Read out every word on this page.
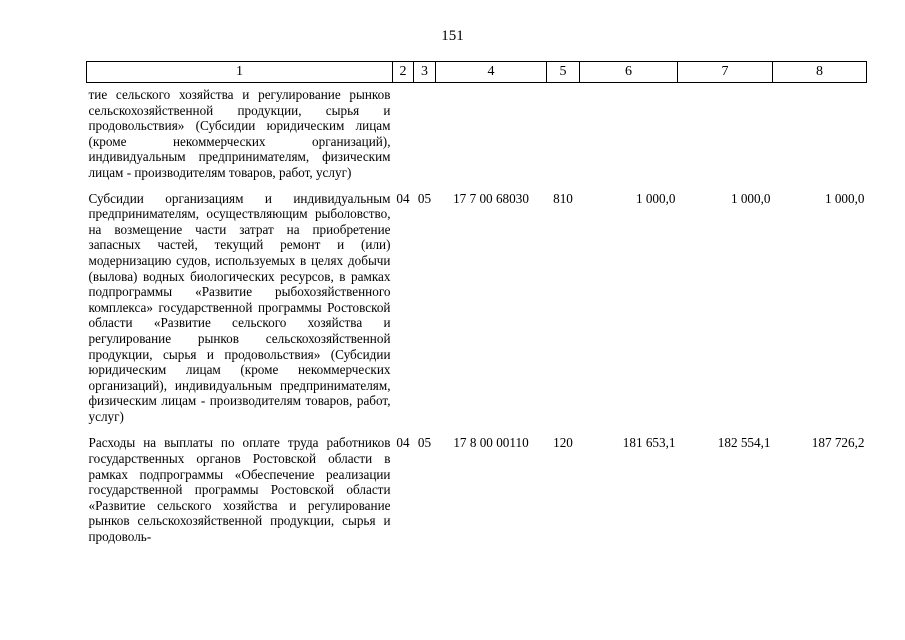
151
1	2	3	4	5	6	7	8
тие сельского хозяйства и регулирование рынков сельскохозяйственной продукции, сырья и продовольствия» (Субсидии юридическим лицам (кроме некоммерческих организаций), индивидуальным предпринимателям, физическим лицам - производителям товаров, работ, услуг)							
Субсидии организациям и индивидуальным предпринимателям, осуществляющим рыболовство, на возмещение части затрат на приобретение запасных частей, текущий ремонт и (или) модернизацию судов, используемых в целях добычи (вылова) водных биологических ресурсов, в рамках подпрограммы «Развитие рыбохозяйственного комплекса» государственной программы Ростовской области «Развитие сельского хозяйства и регулирование рынков сельскохозяйственной продукции, сырья и продовольствия» (Субсидии юридическим лицам (кроме некоммерческих организаций), индивидуальным предпринимателям, физическим лицам - производителям товаров, работ, услуг)	04	05	17 7 00 68030	810	1 000,0	1 000,0	1 000,0
Расходы на выплаты по оплате труда работников государственных органов Ростовской области в рамках подпрограммы «Обеспечение реализации государственной программы Ростовской области «Развитие сельского хозяйства и регулирование рынков сельскохозяйственной продукции, сырья и продоволь-	04	05	17 8 00 00110	120	181 653,1	182 554,1	187 726,2
